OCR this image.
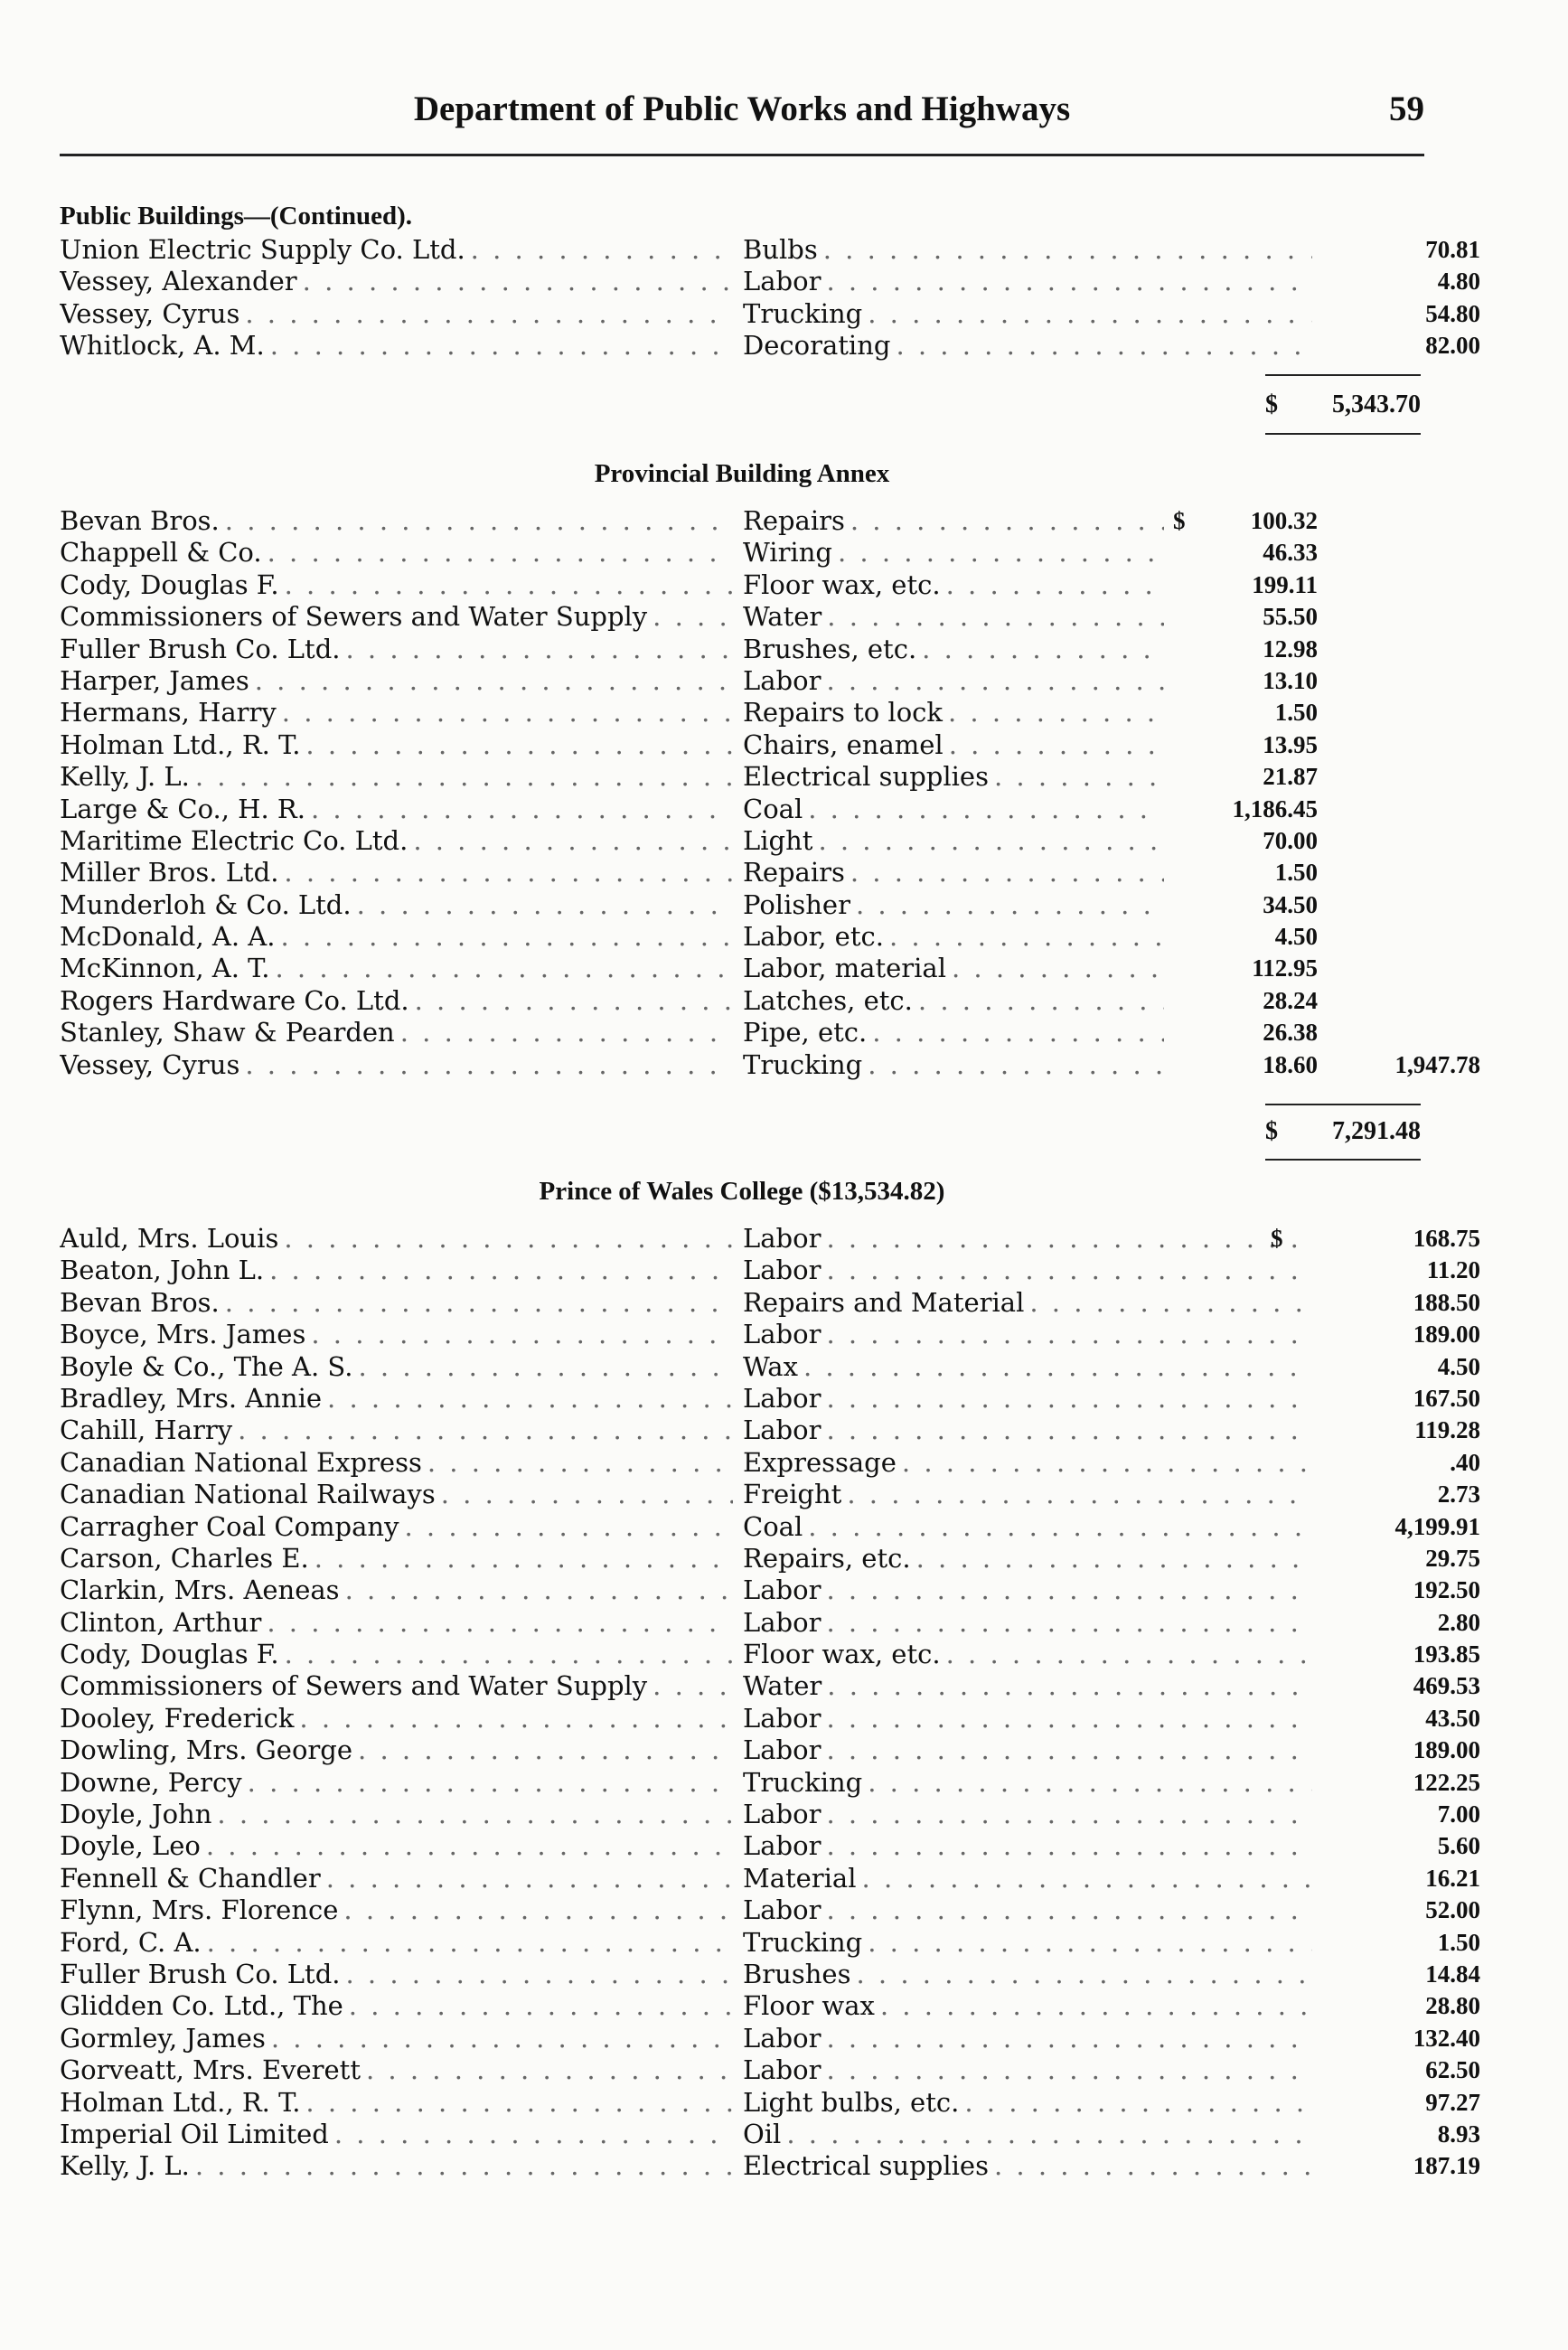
Department of Public Works and Highways	59
Public Buildings—(Continued).
Union Electric Supply Co. Ltd. . . .	Bulbs . . .	70.81
Vessey, Alexander . . .	Labor . . .	4.80
Vessey, Cyrus . . .	Trucking . . .	54.80
Whitlock, A. M. . . .	Decorating . . .	82.00
$ 5,343.70
Provincial Building Annex
Bevan Bros. . . .	Repairs . . .	$	100.32
Chappell & Co. . . .	Wiring . . .	46.33
Cody, Douglas F. . . .	Floor wax, etc. . . .	199.11
Commissioners of Sewers and Water Supply . . .	Water . . .	55.50
Fuller Brush Co. Ltd. . . .	Brushes, etc. . . .	12.98
Harper, James . . .	Labor . . .	13.10
Hermans, Harry . . .	Repairs to lock . . .	1.50
Holman Ltd., R. T. . . .	Chairs, enamel . . .	13.95
Kelly, J. L. . . .	Electrical supplies . . .	21.87
Large & Co., H. R. . . .	Coal . . .	1,186.45
Maritime Electric Co. Ltd. . . .	Light . . .	70.00
Miller Bros. Ltd. . . .	Repairs . . .	1.50
Munderloh & Co. Ltd. . . .	Polisher . . .	34.50
McDonald, A. A. . . .	Labor, etc. . . .	4.50
McKinnon, A. T. . . .	Labor, material . . .	112.95
Rogers Hardware Co. Ltd. . . .	Latches, etc. . . .	28.24
Stanley, Shaw & Pearden . . .	Pipe, etc. . . .	26.38
Vessey, Cyrus . . .	Trucking . . .	18.60	1,947.78
$ 7,291.48
Prince of Wales College ($13,534.82)
Auld, Mrs. Louis . . .	Labor . . .	$	168.75
Beaton, John L. . . .	Labor . . .	11.20
Bevan Bros. . . .	Repairs and Material . . .	188.50
Boyce, Mrs. James . . .	Labor . . .	189.00
Boyle & Co., The A. S. . . .	Wax . . .	4.50
Bradley, Mrs. Annie . . .	Labor . . .	167.50
Cahill, Harry . . .	Labor . . .	119.28
Canadian National Express . . .	Expressage . . .	.40
Canadian National Railways . . .	Freight . . .	2.73
Carragher Coal Company . . .	Coal . . .	4,199.91
Carson, Charles E. . . .	Repairs, etc. . . .	29.75
Clarkin, Mrs. Aeneas . . .	Labor . . .	192.50
Clinton, Arthur . . .	Labor . . .	2.80
Cody, Douglas F. . . .	Floor wax, etc. . . .	193.85
Commissioners of Sewers and Water Supply . . .	Water . . .	469.53
Dooley, Frederick . . .	Labor . . .	43.50
Dowling, Mrs. George . . .	Labor . . .	189.00
Downe, Percy . . .	Trucking . . .	122.25
Doyle, John . . .	Labor . . .	7.00
Doyle, Leo . . .	Labor . . .	5.60
Fennell & Chandler . . .	Material . . .	16.21
Flynn, Mrs. Florence . . .	Labor . . .	52.00
Ford, C. A. . . .	Trucking . . .	1.50
Fuller Brush Co. Ltd. . . .	Brushes . . .	14.84
Glidden Co. Ltd., The . . .	Floor wax . . .	28.80
Gormley, James . . .	Labor . . .	132.40
Gorveatt, Mrs. Everett . . .	Labor . . .	62.50
Holman Ltd., R. T. . . .	Light bulbs, etc. . . .	97.27
Imperial Oil Limited . . .	Oil . . .	8.93
Kelly, J. L. . . .	Electrical supplies . . .	187.19
